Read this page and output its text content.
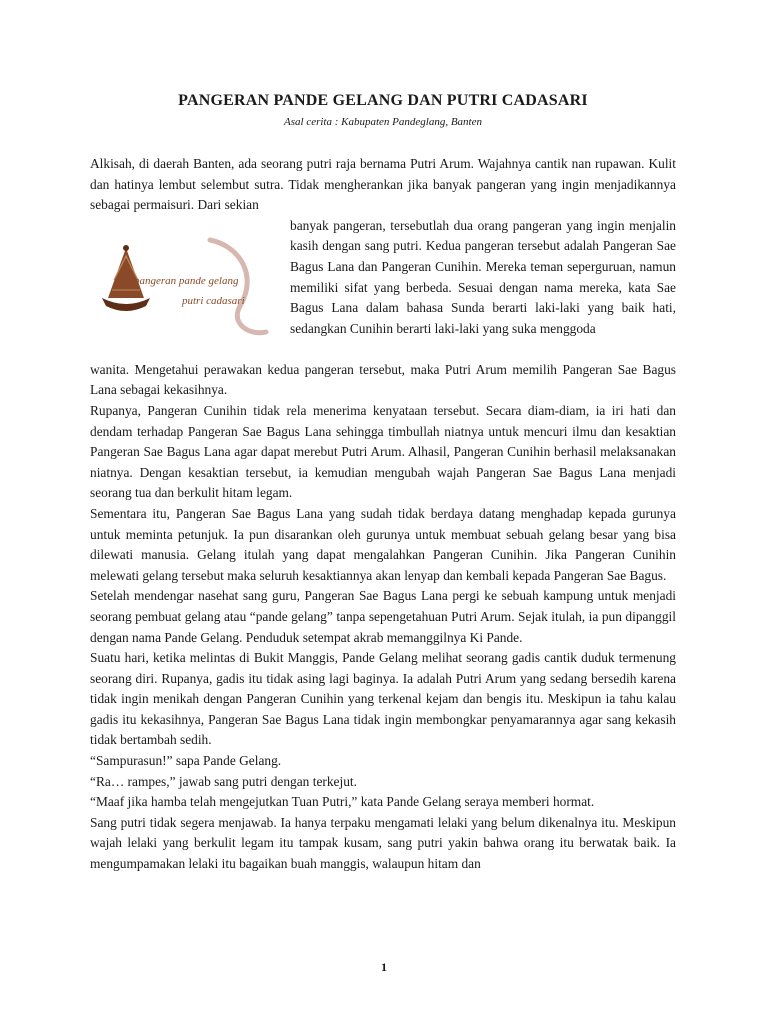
PANGERAN PANDE GELANG DAN PUTRI CADASARI

Asal cerita : Kabupaten Pandeglang, Banten

Alkisah, di daerah Banten, ada seorang putri raja bernama Putri Arum. Wajahnya cantik nan rupawan. Kulit dan hatinya lembut selembut sutra. Tidak mengherankan jika banyak pangeran yang ingin menjadikannya sebagai permaisuri. Dari sekian

pangeran pande gelang
putri cadasari

banyak pangeran, tersebutlah dua orang pangeran yang ingin menjalin kasih dengan sang putri. Kedua pangeran tersebut adalah Pangeran Sae Bagus Lana dan Pangeran Cunihin. Mereka teman seperguruan, namun memiliki sifat yang berbeda. Sesuai dengan nama mereka, kata Sae Bagus Lana dalam bahasa Sunda berarti laki-laki yang baik hati, sedangkan Cunihin berarti laki-laki yang suka menggoda

wanita. Mengetahui perawakan kedua pangeran tersebut, maka Putri Arum memilih Pangeran Sae Bagus Lana sebagai kekasihnya.

Rupanya, Pangeran Cunihin tidak rela menerima kenyataan tersebut. Secara diam-diam, ia iri hati dan dendam terhadap Pangeran Sae Bagus Lana sehingga timbullah niatnya untuk mencuri ilmu dan kesaktian Pangeran Sae Bagus Lana agar dapat merebut Putri Arum. Alhasil, Pangeran Cunihin berhasil melaksanakan niatnya. Dengan kesaktian tersebut, ia kemudian mengubah wajah Pangeran Sae Bagus Lana menjadi seorang tua dan berkulit hitam legam.

Sementara itu, Pangeran Sae Bagus Lana yang sudah tidak berdaya datang menghadap kepada gurunya untuk meminta petunjuk. Ia pun disarankan oleh gurunya untuk membuat sebuah gelang besar yang bisa dilewati manusia. Gelang itulah yang dapat mengalahkan Pangeran Cunihin. Jika Pangeran Cunihin melewati gelang tersebut maka seluruh kesaktiannya akan lenyap dan kembali kepada Pangeran Sae Bagus.

Setelah mendengar nasehat sang guru, Pangeran Sae Bagus Lana pergi ke sebuah kampung untuk menjadi seorang pembuat gelang atau “pande gelang” tanpa sepengetahuan Putri Arum. Sejak itulah, ia pun dipanggil dengan nama Pande Gelang. Penduduk setempat akrab memanggilnya Ki Pande.

Suatu hari, ketika melintas di Bukit Manggis, Pande Gelang melihat seorang gadis cantik duduk termenung seorang diri. Rupanya, gadis itu tidak asing lagi baginya. Ia adalah Putri Arum yang sedang bersedih karena tidak ingin menikah dengan Pangeran Cunihin yang terkenal kejam dan bengis itu. Meskipun ia tahu kalau gadis itu kekasihnya, Pangeran Sae Bagus Lana tidak ingin membongkar penyamarannya agar sang kekasih tidak bertambah sedih.

“Sampurasun!” sapa Pande Gelang.

“Ra… rampes,” jawab sang putri dengan terkejut.

“Maaf jika hamba telah mengejutkan Tuan Putri,” kata Pande Gelang seraya memberi hormat.

Sang putri tidak segera menjawab. Ia hanya terpaku mengamati lelaki yang belum dikenalnya itu. Meskipun wajah lelaki yang berkulit legam itu tampak kusam, sang putri yakin bahwa orang itu berwatak baik. Ia mengumpamakan lelaki itu bagaikan buah manggis, walaupun hitam dan

1
